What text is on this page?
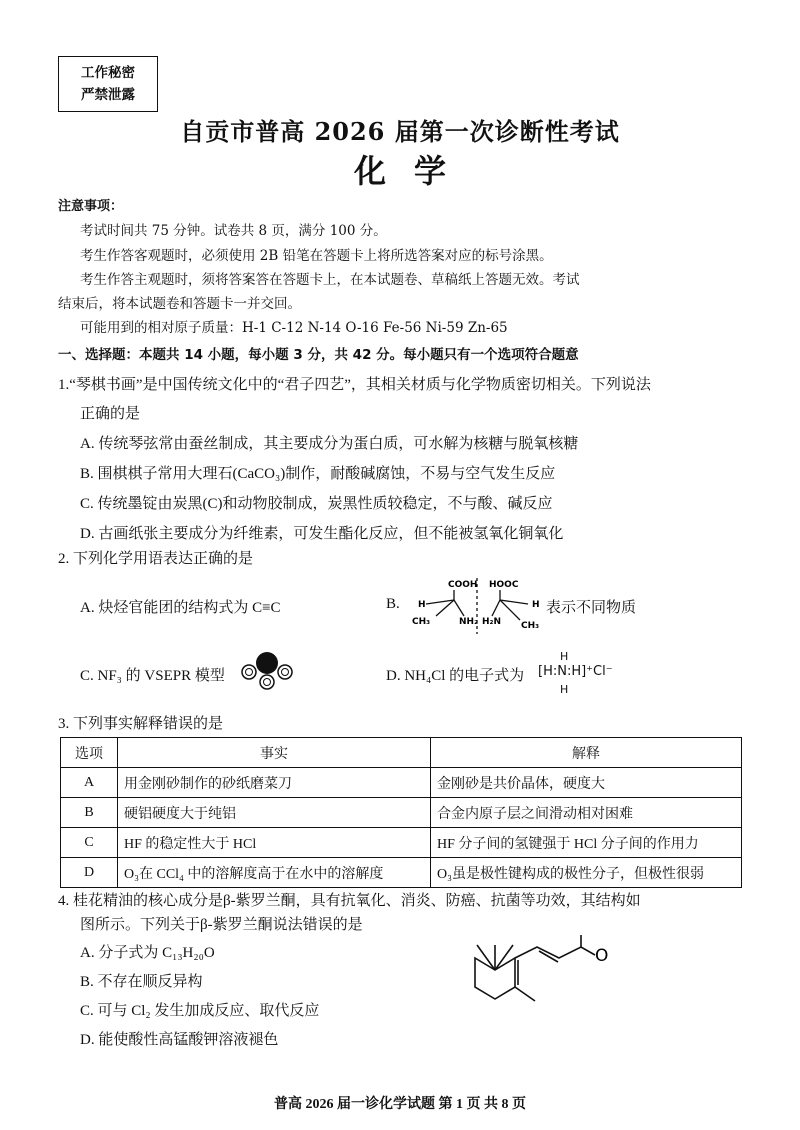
工作秘密
严禁泄露
自贡市普高 2026 届第一次诊断性考试
化学
注意事项：
考试时间共 75 分钟。试卷共 8 页，满分 100 分。
考生作答客观题时，必须使用 2B 铅笔在答题卡上将所选答案对应的标号涂黑。
考生作答主观题时，须将答案答在答题卡上，在本试题卷、草稿纸上答题无效。考试
结束后，将本试题卷和答题卡一并交回。
可能用到的相对原子质量：H-1 C-12 N-14 O-16 Fe-56 Ni-59 Zn-65
一、选择题：本题共 14 小题，每小题 3 分，共 42 分。每小题只有一个选项符合题意
1.“琴棋书画”是中国传统文化中的“君子四艺”，其相关材质与化学物质密切相关。下列说法
正确的是
A. 传统琴弦常由蚕丝制成，其主要成分为蛋白质，可水解为核糖与脱氧核糖
B. 围棋棋子常用大理石(CaCO₃)制作，耐酸碱腐蚀，不易与空气发生反应
C. 传统墨锭由炭黑(C)和动物胶制成，炭黑性质较稳定，不与酸、碱反应
D. 古画纸张主要成分为纤维素，可发生酯化反应，但不能被氢氧化铜氧化
2. 下列化学用语表达正确的是
A. 炔烃官能团的结构式为 C≡C	B.
COOH HOOC
H	H
CH₃	NH₂ H₂N CH₃
表示不同物质
C. NF₃ 的 VSEPR 模型	D. NH₄Cl 的电子式为
H
[H:N:H]⁺Cl⁻
H
3. 下列事实解释错误的是
选项	事实	解释
A	用金刚砂制作的砂纸磨菜刀	金刚砂是共价晶体，硬度大
B	硬铝硬度大于纯铝	合金内原子层之间滑动相对困难
C	HF 的稳定性大于 HCl	HF 分子间的氢键强于 HCl 分子间的作用力
D	O₃在 CCl₄ 中的溶解度高于在水中的溶解度	O₃虽是极性键构成的极性分子，但极性很弱
4. 桂花精油的核心成分是β-紫罗兰酮，具有抗氧化、消炎、防癌、抗菌等功效，其结构如
图所示。下列关于β-紫罗兰酮说法错误的是
A. 分子式为 C₁₃H₂₀O
B. 不存在顺反异构
C. 可与 Cl₂ 发生加成反应、取代反应
D. 能使酸性高锰酸钾溶液褪色
O
普高 2026 届一诊化学试题 第 1 页 共 8 页
